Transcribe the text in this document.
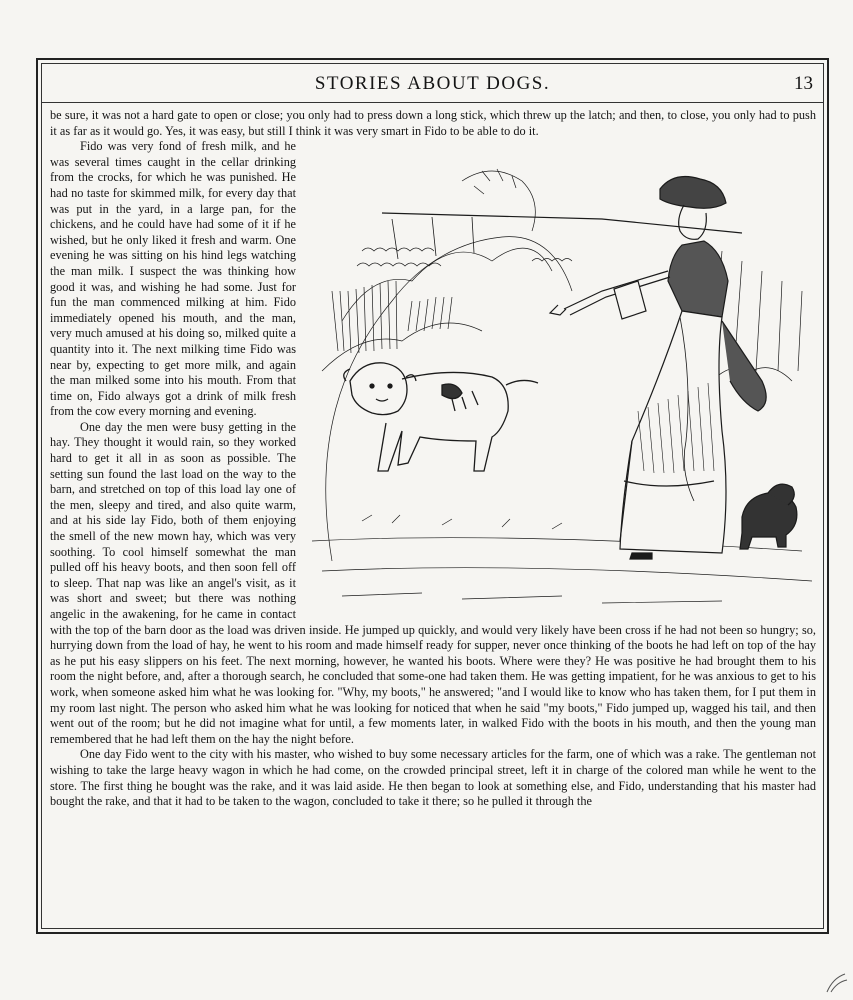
STORIES ABOUT DOGS.	13

be sure, it was not a hard gate to open or close; you only had to press down a long stick, which threw up the latch; and then, to close, you only had to push it as far as it would go. Yes, it was easy, but still I think it was very smart in Fido to be able to do it.

Fido was very fond of fresh milk, and he was several times caught in the cellar drinking from the crocks, for which he was punished. He had no taste for skimmed milk, for every day that was put in the yard, in a large pan, for the chickens, and he could have had some of it if he wished, but he only liked it fresh and warm. One evening he was sitting on his hind legs watching the man milk. I suspect the was thinking how good it was, and wishing he had some. Just for fun the man commenced milking at him. Fido immediately opened his mouth, and the man, very much amused at his doing so, milked quite a quantity into it. The next milking time Fido was near by, expecting to get more milk, and again the man milked some into his mouth. From that time on, Fido always got a drink of milk fresh from the cow every morning and evening.

One day the men were busy getting in the hay. They thought it would rain, so they worked hard to get it all in as soon as possible. The setting sun found the last load on the way to the barn, and stretched on top of this load lay one of the men, sleepy and tired, and also quite warm, and at his side lay Fido, both of them enjoying the smell of the new mown hay, which was very soothing. To cool himself somewhat the man pulled off his heavy boots, and then soon fell off to sleep. That nap was like an angel's visit, as it was short and sweet; but there was nothing angelic in the awakening, for he came in contact with the top of the barn door as the load was driven inside. He jumped up quickly, and would very likely have been cross if he had not been so hungry; so, hurrying down from the load of hay, he went to his room and made himself ready for supper, never once thinking of the boots he had left on top of the hay as he put his easy slippers on his feet. The next morning, however, he wanted his boots. Where were they? He was positive he had brought them to his room the night before, and, after a thorough search, he concluded that some-one had taken them. He was getting impatient, for he was anxious to get to his work, when someone asked him what he was looking for. "Why, my boots," he answered; "and I would like to know who has taken them, for I put them in my room last night. The person who asked him what he was looking for noticed that when he said "my boots," Fido jumped up, wagged his tail, and then went out of the room; but he did not imagine what for until, a few moments later, in walked Fido with the boots in his mouth, and then the young man remembered that he had left them on the hay the night before.

One day Fido went to the city with his master, who wished to buy some necessary articles for the farm, one of which was a rake. The gentleman not wishing to take the large heavy wagon in which he had come, on the crowded principal street, left it in charge of the colored man while he went to the store. The first thing he bought was the rake, and it was laid aside. He then began to look at something else, and Fido, understanding that his master had bought the rake, and that it had to be taken to the wagon, concluded to take it there; so he pulled it through the
